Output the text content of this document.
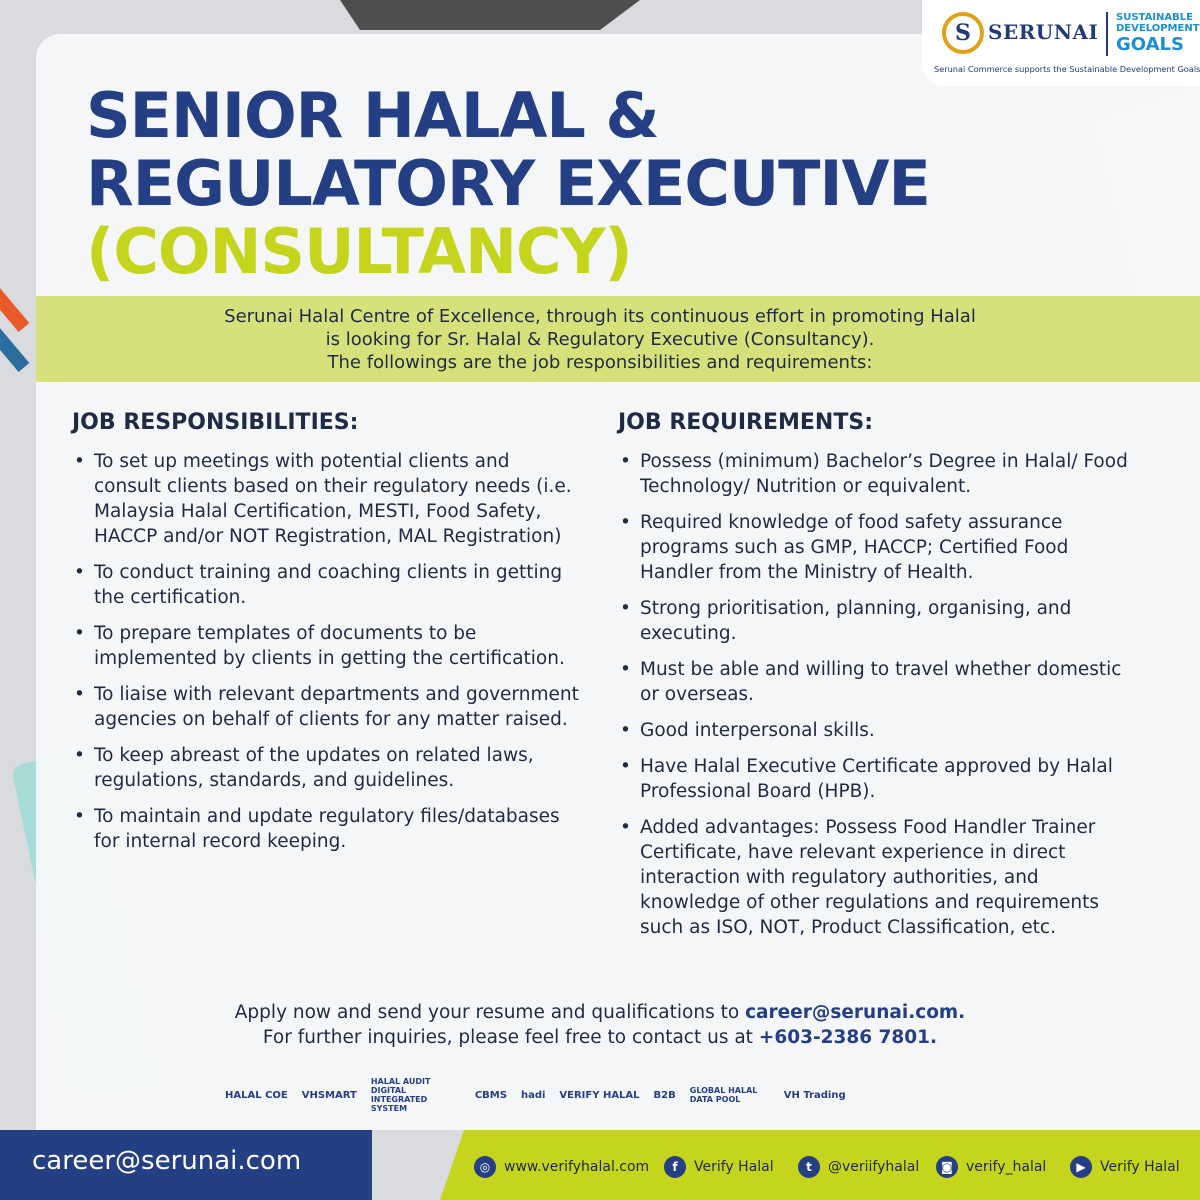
S SERUNAI
SUSTAINABLE
DEVELOPMENT
GOALS
Serunai Commerce supports the Sustainable Development Goals
SENIOR HALAL &
REGULATORY EXECUTIVE
(CONSULTANCY)
Serunai Halal Centre of Excellence, through its continuous effort in promoting Halal
is looking for Sr. Halal & Regulatory Executive (Consultancy).
The followings are the job responsibilities and requirements:
JOB RESPONSIBILITIES:
• To set up meetings with potential clients and consult clients based on their regulatory needs (i.e. Malaysia Halal Certification, MESTI, Food Safety, HACCP and/or NOT Registration, MAL Registration)
• To conduct training and coaching clients in getting the certification.
• To prepare templates of documents to be implemented by clients in getting the certification.
• To liaise with relevant departments and government agencies on behalf of clients for any matter raised.
• To keep abreast of the updates on related laws, regulations, standards, and guidelines.
• To maintain and update regulatory files/databases for internal record keeping.
JOB REQUIREMENTS:
• Possess (minimum) Bachelor’s Degree in Halal/ Food Technology/ Nutrition or equivalent.
• Required knowledge of food safety assurance programs such as GMP, HACCP; Certified Food Handler from the Ministry of Health.
• Strong prioritisation, planning, organising, and executing.
• Must be able and willing to travel whether domestic or overseas.
• Good interpersonal skills.
• Have Halal Executive Certificate approved by Halal Professional Board (HPB).
• Added advantages: Possess Food Handler Trainer Certificate, have relevant experience in direct interaction with regulatory authorities, and knowledge of other regulations and requirements such as ISO, NOT, Product Classification, etc.
Apply now and send your resume and qualifications to career@serunai.com.
For further inquiries, please feel free to contact us at +603-2386 7801.
HALAL COE VHSMART
HALAL AUDIT DIGITAL INTEGRATED SYSTEM
CBMS hadi VERIFY HALAL B2B GLOBAL HALAL DATA POOL	VH Trading
career@serunai.com	◎ www.verifyhalal.com	f	Verify Halal	t	@veriifyhalal	◙ verify_halal	▶	Verify Halal
